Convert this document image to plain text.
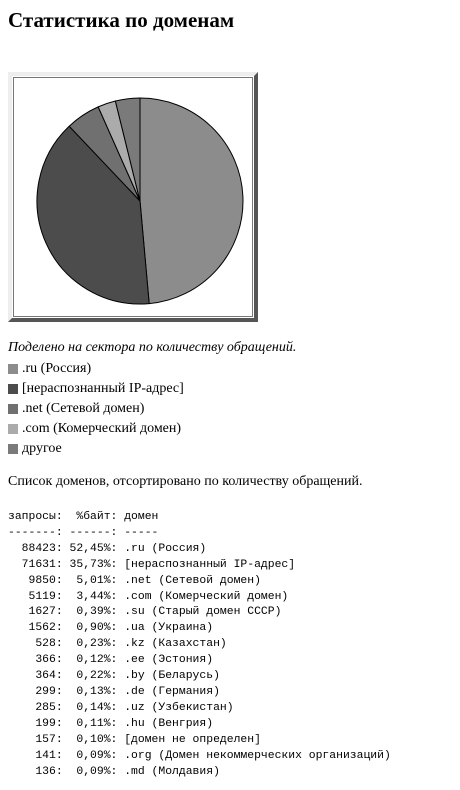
Статистика по доменам
Поделено на сектора по количеству обращений.
.ru (Россия)
[нераспознанный IP-адрес]
.net (Сетевой домен)
.com (Комерческий домен)
другое
Список доменов, отсортировано по количеству обращений.
запросы:  %байт: домен
-------: ------: -----
88423: 52,45%: .ru (Россия)
71631: 35,73%: [нераспознанный IP-адрес]
9850:  5,01%: .net (Сетевой домен)
5119:  3,44%: .com (Комерческий домен)
1627:  0,39%: .su (Старый домен СССР)
1562:  0,90%: .ua (Украина)
528:  0,23%: .kz (Казахстан)
366:  0,12%: .ee (Эстония)
364:  0,22%: .by (Беларусь)
299:  0,13%: .de (Германия)
285:  0,14%: .uz (Узбекистан)
199:  0,11%: .hu (Венгрия)
157:  0,10%: [домен не определен]
141:  0,09%: .org (Домен некоммерческих организаций)
136:  0,09%: .md (Молдавия)
